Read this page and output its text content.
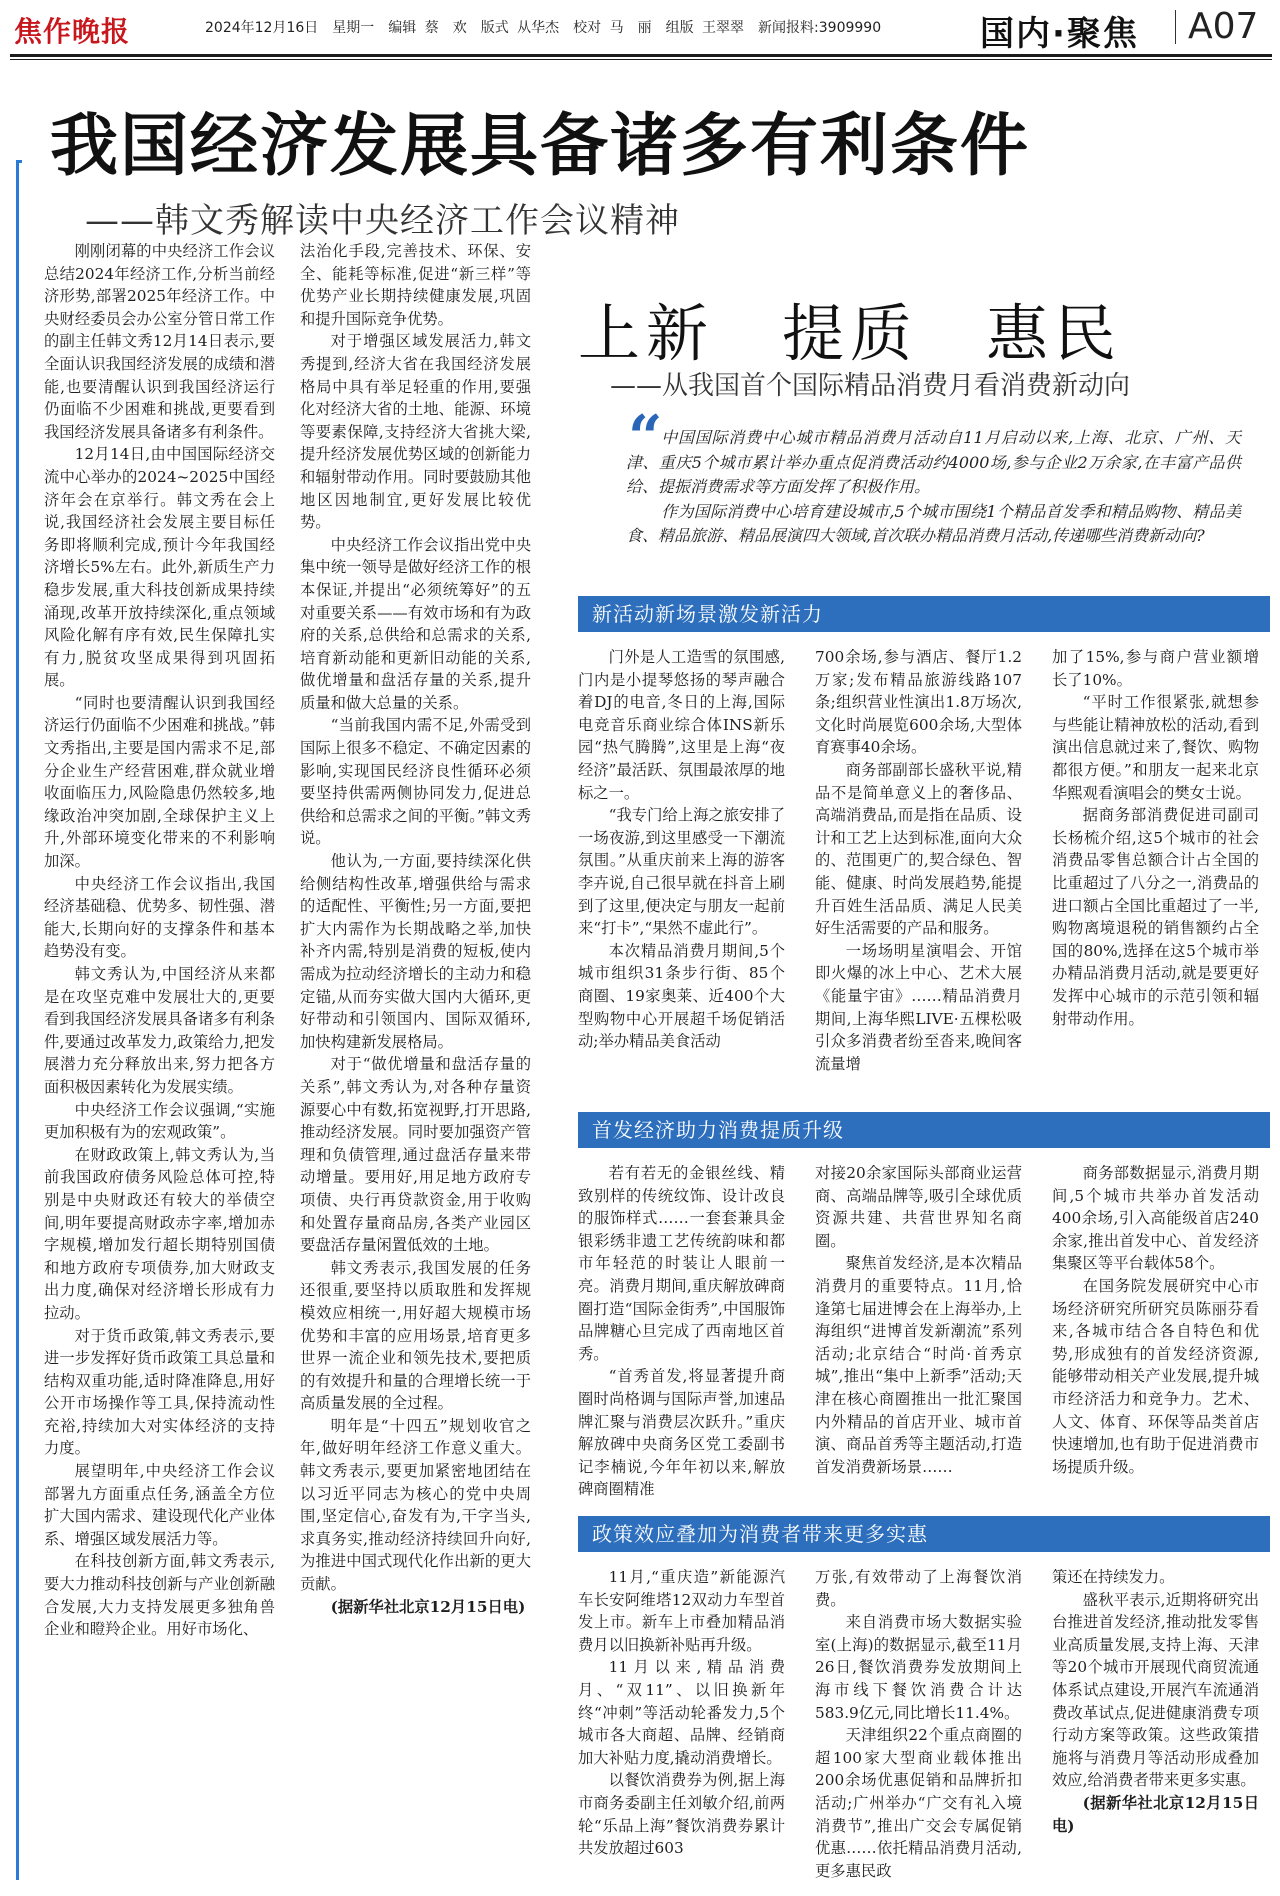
焦作晚报	2024年12月16日　星期一　编辑 蔡　欢　版式 从华杰　校对 马　丽　组版 王翠翠　新闻报料:3909990	国内·聚焦 A07
我国经济发展具备诸多有利条件
——韩文秀解读中央经济工作会议精神

刚刚闭幕的中央经济工作会议总结2024年经济工作,分析当前经济形势,部署2025年经济工作。中央财经委员会办公室分管日常工作的副主任韩文秀12月14日表示,要全面认识我国经济发展的成绩和潜能,也要清醒认识到我国经济运行仍面临不少困难和挑战,更要看到我国经济发展具备诸多有利条件。

12月14日,由中国国际经济交流中心举办的2024~2025中国经济年会在京举行。韩文秀在会上说,我国经济社会发展主要目标任务即将顺利完成,预计今年我国经济增长5%左右。此外,新质生产力稳步发展,重大科技创新成果持续涌现,改革开放持续深化,重点领域风险化解有序有效,民生保障扎实有力,脱贫攻坚成果得到巩固拓展。

“同时也要清醒认识到我国经济运行仍面临不少困难和挑战。”韩文秀指出,主要是国内需求不足,部分企业生产经营困难,群众就业增收面临压力,风险隐患仍然较多,地缘政治冲突加剧,全球保护主义上升,外部环境变化带来的不利影响加深。

中央经济工作会议指出,我国经济基础稳、优势多、韧性强、潜能大,长期向好的支撑条件和基本趋势没有变。

韩文秀认为,中国经济从来都是在攻坚克难中发展壮大的,更要看到我国经济发展具备诸多有利条件,要通过改革发力,政策给力,把发展潜力充分释放出来,努力把各方面积极因素转化为发展实绩。

中央经济工作会议强调,“实施更加积极有为的宏观政策”。

在财政政策上,韩文秀认为,当前我国政府债务风险总体可控,特别是中央财政还有较大的举债空间,明年要提高财政赤字率,增加赤字规模,增加发行超长期特别国债和地方政府专项债券,加大财政支出力度,确保对经济增长形成有力拉动。

对于货币政策,韩文秀表示,要进一步发挥好货币政策工具总量和结构双重功能,适时降准降息,用好公开市场操作等工具,保持流动性充裕,持续加大对实体经济的支持力度。

展望明年,中央经济工作会议部署九方面重点任务,涵盖全方位扩大国内需求、建设现代化产业体系、增强区域发展活力等。

在科技创新方面,韩文秀表示,要大力推动科技创新与产业创新融合发展,大力支持发展更多独角兽企业和瞪羚企业。用好市场化、

法治化手段,完善技术、环保、安全、能耗等标准,促进“新三样”等优势产业长期持续健康发展,巩固和提升国际竞争优势。

对于增强区域发展活力,韩文秀提到,经济大省在我国经济发展格局中具有举足轻重的作用,要强化对经济大省的土地、能源、环境等要素保障,支持经济大省挑大梁,提升经济发展优势区域的创新能力和辐射带动作用。同时要鼓励其他地区因地制宜,更好发展比较优势。

中央经济工作会议指出党中央集中统一领导是做好经济工作的根本保证,并提出“必须统筹好”的五对重要关系——有效市场和有为政府的关系,总供给和总需求的关系,培育新动能和更新旧动能的关系,做优增量和盘活存量的关系,提升质量和做大总量的关系。

“当前我国内需不足,外需受到国际上很多不稳定、不确定因素的影响,实现国民经济良性循环必须要坚持供需两侧协同发力,促进总供给和总需求之间的平衡。”韩文秀说。

他认为,一方面,要持续深化供给侧结构性改革,增强供给与需求的适配性、平衡性;另一方面,要把扩大内需作为长期战略之举,加快补齐内需,特别是消费的短板,使内需成为拉动经济增长的主动力和稳定锚,从而夯实做大国内大循环,更好带动和引领国内、国际双循环,加快构建新发展格局。

对于“做优增量和盘活存量的关系”,韩文秀认为,对各种存量资源要心中有数,拓宽视野,打开思路,推动经济发展。同时要加强资产管理和负债管理,通过盘活存量来带动增量。要用好,用足地方政府专项债、央行再贷款资金,用于收购和处置存量商品房,各类产业园区要盘活存量闲置低效的土地。

韩文秀表示,我国发展的任务还很重,要坚持以质取胜和发挥规模效应相统一,用好超大规模市场优势和丰富的应用场景,培育更多世界一流企业和领先技术,要把质的有效提升和量的合理增长统一于高质量发展的全过程。

明年是“十四五”规划收官之年,做好明年经济工作意义重大。韩文秀表示,要更加紧密地团结在以习近平同志为核心的党中央周围,坚定信心,奋发有为,干字当头,求真务实,推动经济持续回升向好,为推进中国式现代化作出新的更大贡献。

(据新华社北京12月15日电)

上新　提质　惠民
——从我国首个国际精品消费月看消费新动向
“

中国国际消费中心城市精品消费月活动自11月启动以来,上海、北京、广州、天津、重庆5个城市累计举办重点促消费活动约4000场,参与企业2万余家,在丰富产品供给、提振消费需求等方面发挥了积极作用。

作为国际消费中心培育建设城市,5个城市围绕1个精品首发季和精品购物、精品美食、精品旅游、精品展演四大领域,首次联办精品消费月活动,传递哪些消费新动向?

新活动新场景激发新活力

门外是人工造雪的氛围感,门内是小提琴悠扬的琴声融合着DJ的电音,冬日的上海,国际电竞音乐商业综合体INS新乐园“热气腾腾”,这里是上海“夜经济”最活跃、氛围最浓厚的地标之一。

“我专门给上海之旅安排了一场夜游,到这里感受一下潮流氛围。”从重庆前来上海的游客李卉说,自己很早就在抖音上刷到了这里,便决定与朋友一起前来“打卡”,“果然不虚此行”。

本次精品消费月期间,5个城市组织31条步行街、85个商圈、19家奥莱、近400个大型购物中心开展超千场促销活动;举办精品美食活动

700余场,参与酒店、餐厅1.2万家;发布精品旅游线路107条;组织营业性演出1.8万场次,文化时尚展览600余场,大型体育赛事40余场。

商务部副部长盛秋平说,精品不是简单意义上的奢侈品、高端消费品,而是指在品质、设计和工艺上达到标准,面向大众的、范围更广的,契合绿色、智能、健康、时尚发展趋势,能提升百姓生活品质、满足人民美好生活需要的产品和服务。

一场场明星演唱会、开馆即火爆的冰上中心、艺术大展《能量宇宙》……精品消费月期间,上海华熙LIVE·五棵松吸引众多消费者纷至沓来,晚间客流量增

加了15%,参与商户营业额增长了10%。

“平时工作很紧张,就想参与些能让精神放松的活动,看到演出信息就过来了,餐饮、购物都很方便。”和朋友一起来北京华熙观看演唱会的樊女士说。

据商务部消费促进司副司长杨梳介绍,这5个城市的社会消费品零售总额合计占全国的比重超过了八分之一,消费品的进口额占全国比重超过了一半,购物离境退税的销售额约占全国的80%,选择在这5个城市举办精品消费月活动,就是要更好发挥中心城市的示范引领和辐射带动作用。

首发经济助力消费提质升级

若有若无的金银丝线、精致别样的传统纹饰、设计改良的服饰样式……一套套兼具金银彩绣非遗工艺传统韵味和都市年轻范的时装让人眼前一亮。消费月期间,重庆解放碑商圈打造“国际金街秀”,中国服饰品牌糖心旦完成了西南地区首秀。

“首秀首发,将显著提升商圈时尚格调与国际声誉,加速品牌汇聚与消费层次跃升。”重庆解放碑中央商务区党工委副书记李楠说,今年年初以来,解放碑商圈精准

对接20余家国际头部商业运营商、高端品牌等,吸引全球优质资源共建、共营世界知名商圈。

聚焦首发经济,是本次精品消费月的重要特点。11月,恰逢第七届进博会在上海举办,上海组织“进博首发新潮流”系列活动;北京结合“时尚·首秀京城”,推出“集中上新季”活动;天津在核心商圈推出一批汇聚国内外精品的首店开业、城市首演、商品首秀等主题活动,打造首发消费新场景……

商务部数据显示,消费月期间,5个城市共举办首发活动400余场,引入高能级首店240余家,推出首发中心、首发经济集聚区等平台载体58个。

在国务院发展研究中心市场经济研究所研究员陈丽芬看来,各城市结合各自特色和优势,形成独有的首发经济资源,能够带动相关产业发展,提升城市经济活力和竞争力。艺术、人文、体育、环保等品类首店快速增加,也有助于促进消费市场提质升级。

政策效应叠加为消费者带来更多实惠

11月,“重庆造”新能源汽车长安阿维塔12双动力车型首发上市。新车上市叠加精品消费月以旧换新补贴再升级。

11月以来,精品消费月、“双11”、以旧换新年终“冲刺”等活动轮番发力,5个城市各大商超、品牌、经销商加大补贴力度,撬动消费增长。

以餐饮消费券为例,据上海市商务委副主任刘敏介绍,前两轮“乐品上海”餐饮消费券累计共发放超过603

万张,有效带动了上海餐饮消费。

来自消费市场大数据实验室(上海)的数据显示,截至11月26日,餐饮消费券发放期间上海市线下餐饮消费合计达583.9亿元,同比增长11.4%。

天津组织22个重点商圈的超100家大型商业载体推出200余场优惠促销和品牌折扣活动;广州举办“广交有礼入境消费节”,推出广交会专属促销优惠……依托精品消费月活动,更多惠民政

策还在持续发力。

盛秋平表示,近期将研究出台推进首发经济,推动批发零售业高质量发展,支持上海、天津等20个城市开展现代商贸流通体系试点建设,开展汽车流通消费改革试点,促进健康消费专项行动方案等政策。这些政策措施将与消费月等活动形成叠加效应,给消费者带来更多实惠。

(据新华社北京12月15日电)
